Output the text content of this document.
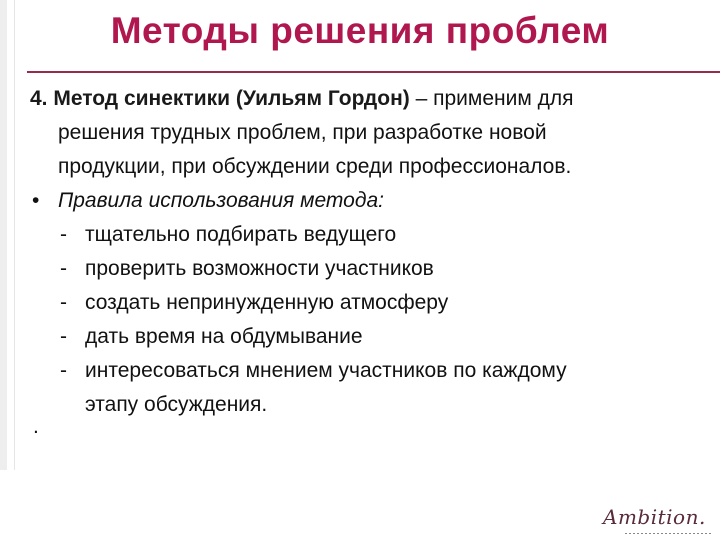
Методы решения проблем
4. Метод синектики (Уильям Гордон) – применим для
решения трудных проблем, при разработке новой
продукции, при обсуждении среди профессионалов.
• Правила использования метода:
- тщательно подбирать ведущего
- проверить возможности участников
- создать непринужденную атмосферу
- дать время на обдумывание
- интересоваться мнением участников по каждому
этапу обсуждения.
.
Ambition.
